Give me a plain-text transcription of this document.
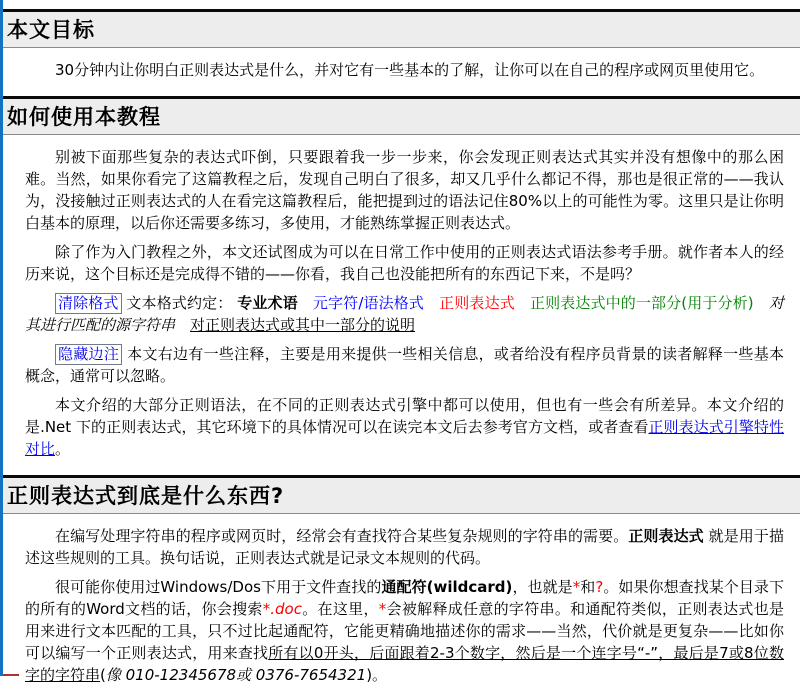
本文目标

30分钟内让你明白正则表达式是什么，并对它有一些基本的了解，让你可以在自己的程序或网页里使用它。

如何使用本教程

别被下面那些复杂的表达式吓倒，只要跟着我一步一步来，你会发现正则表达式其实并没有想像中的那么困难。当然，如果你看完了这篇教程之后，发现自己明白了很多，却又几乎什么都记不得，那也是很正常的——我认为，没接触过正则表达式的人在看完这篇教程后，能把提到过的语法记住80%以上的可能性为零。这里只是让你明白基本的原理，以后你还需要多练习，多使用，才能熟练掌握正则表达式。

除了作为入门教程之外，本文还试图成为可以在日常工作中使用的正则表达式语法参考手册。就作者本人的经历来说，这个目标还是完成得不错的——你看，我自己也没能把所有的东西记下来，不是吗？

清除格式 文本格式约定： 专业术语　 元字符/语法格式　 正则表达式　 正则表达式中的一部分(用于分析)　 对其进行匹配的源字符串　 对正则表达式或其中一部分的说明

隐藏边注 本文右边有一些注释，主要是用来提供一些相关信息，或者给没有程序员背景的读者解释一些基本概念，通常可以忽略。

本文介绍的大部分正则语法，在不同的正则表达式引擎中都可以使用，但也有一些会有所差异。本文介绍的是.Net 下的正则表达式，其它环境下的具体情况可以在读完本文后去参考官方文档，或者查看正则表达式引擎特性对比。

正则表达式到底是什么东西?

在编写处理字符串的程序或网页时，经常会有查找符合某些复杂规则的字符串的需要。正则表达式 就是用于描述这些规则的工具。换句话说，正则表达式就是记录文本规则的代码。

很可能你使用过Windows/Dos下用于文件查找的通配符(wildcard)，也就是*和?。如果你想查找某个目录下的所有的Word文档的话，你会搜索*.doc。在这里，*会被解释成任意的字符串。和通配符类似，正则表达式也是用来进行文本匹配的工具，只不过比起通配符，它能更精确地描述你的需求——当然，代价就是更复杂——比如你可以编写一个正则表达式，用来查找所有以0开头，后面跟着2-3个数字，然后是一个连字号“-”，最后是7或8位数字的字符串(像 010-12345678或 0376-7654321)。
